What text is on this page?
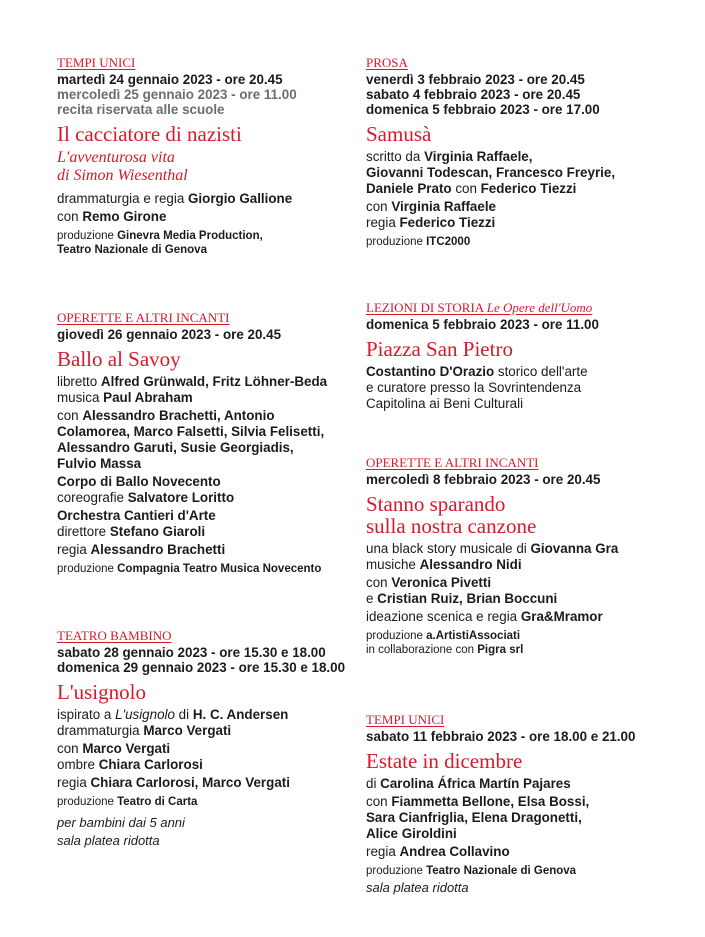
TEMPI UNICI
martedì 24 gennaio 2023 - ore 20.45
mercoledì 25 gennaio 2023 - ore 11.00
recita riservata alle scuole
Il cacciatore di nazisti
L'avventurosa vita
di Simon Wiesenthal
drammaturgia e regia Giorgio Gallione
con Remo Girone
produzione Ginevra Media Production,
Teatro Nazionale di Genova
OPERETTE E ALTRI INCANTI
giovedì 26 gennaio 2023 - ore 20.45
Ballo al Savoy
libretto Alfred Grünwald, Fritz Löhner-Beda
musica Paul Abraham
con Alessandro Brachetti, Antonio
Colamorea, Marco Falsetti, Silvia Felisetti,
Alessandro Garuti, Susie Georgiadis,
Fulvio Massa
Corpo di Ballo Novecento
coreografie Salvatore Loritto
Orchestra Cantieri d'Arte
direttore Stefano Giaroli
regia Alessandro Brachetti
produzione Compagnia Teatro Musica Novecento
TEATRO BAMBINO
sabato 28 gennaio 2023 - ore 15.30 e 18.00
domenica 29 gennaio 2023 - ore 15.30 e 18.00
L'usignolo
ispirato a L'usignolo di H. C. Andersen
drammaturgia Marco Vergati
con Marco Vergati
ombre Chiara Carlorosi
regia Chiara Carlorosi, Marco Vergati
produzione Teatro di Carta
per bambini dai 5 anni
sala platea ridotta
PROSA
venerdì 3 febbraio 2023 - ore 20.45
sabato 4 febbraio 2023 - ore 20.45
domenica 5 febbraio 2023 - ore 17.00
Samusà
scritto da Virginia Raffaele,
Giovanni Todescan, Francesco Freyrie,
Daniele Prato con Federico Tiezzi
con Virginia Raffaele
regia Federico Tiezzi
produzione ITC2000
LEZIONI DI STORIA Le Opere dell'Uomo
domenica 5 febbraio 2023 - ore 11.00
Piazza San Pietro
Costantino D'Orazio storico dell'arte
e curatore presso la Sovrintendenza
Capitolina ai Beni Culturali
OPERETTE E ALTRI INCANTI
mercoledì 8 febbraio 2023 - ore 20.45
Stanno sparando
sulla nostra canzone
una black story musicale di Giovanna Gra
musiche Alessandro Nidi
con Veronica Pivetti
e Cristian Ruiz, Brian Boccuni
ideazione scenica e regia Gra&Mramor
produzione a.ArtistiAssociati
in collaborazione con Pigra srl
TEMPI UNICI
sabato 11 febbraio 2023 - ore 18.00 e 21.00
Estate in dicembre
di Carolina África Martín Pajares
con Fiammetta Bellone, Elsa Bossi,
Sara Cianfriglia, Elena Dragonetti,
Alice Giroldini
regia Andrea Collavino
produzione Teatro Nazionale di Genova
sala platea ridotta
